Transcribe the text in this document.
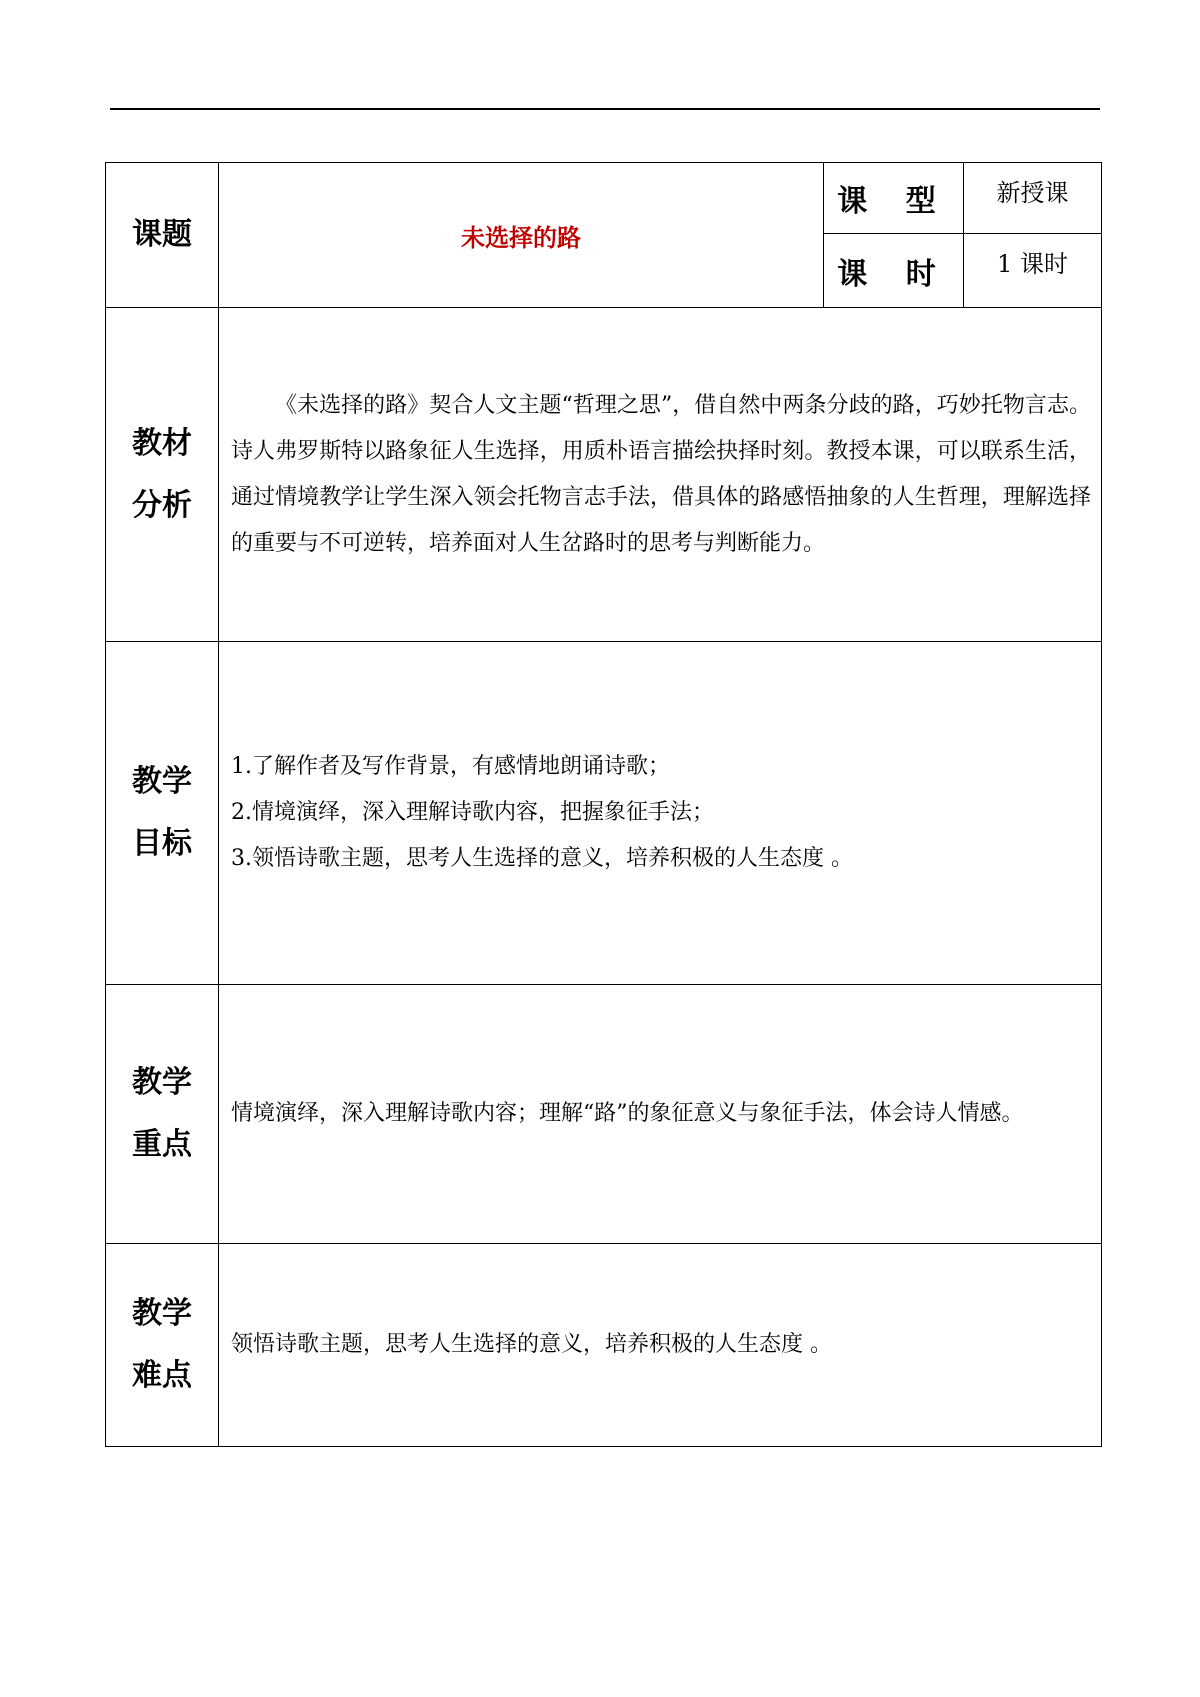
课题	未选择的路	课 型	新授课
		课 时	1 课时

教材
分析	《未选择的路》契合人文主题“哲理之思”，借自然中两条分歧的路，巧妙托物言志。诗人弗罗斯特以路象征人生选择，用质朴语言描绘抉择时刻。教授本课，可以联系生活，通过情境教学让学生深入领会托物言志手法，借具体的路感悟抽象的人生哲理，理解选择的重要与不可逆转，培养面对人生岔路时的思考与判断能力。		

教学
目标	1.了解作者及写作背景，有感情地朗诵诗歌；
2.情境演绎，深入理解诗歌内容，把握象征手法；
3.领悟诗歌主题，思考人生选择的意义，培养积极的人生态度 。		

教学
重点	情境演绎，深入理解诗歌内容；理解“路”的象征意义与象征手法，体会诗人情感。		

教学
难点	领悟诗歌主题，思考人生选择的意义，培养积极的人生态度 。		
